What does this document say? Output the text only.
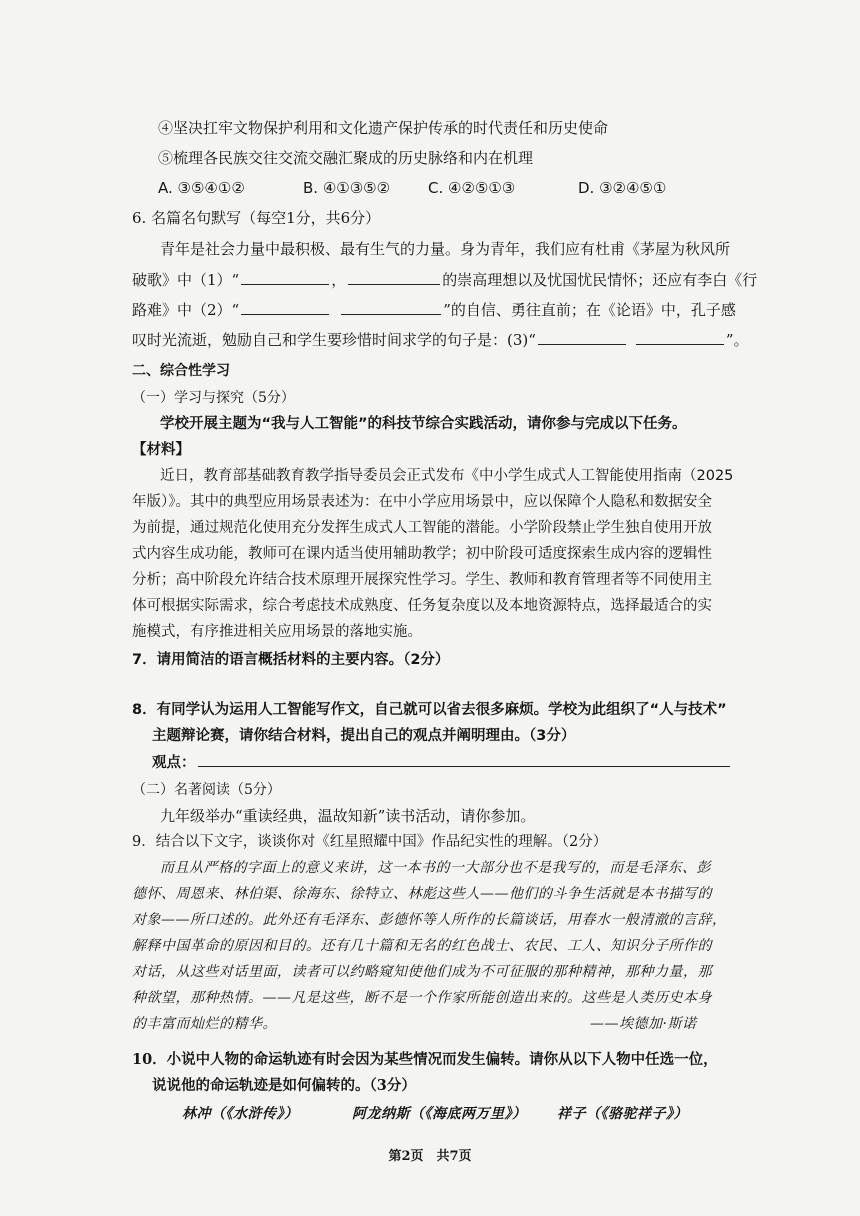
④坚决扛牢文物保护利用和文化遗产保护传承的时代责任和历史使命
⑤梳理各民族交往交流交融汇聚成的历史脉络和内在机理
A. ③⑤④①②	B. ④①③⑤②	C. ④②⑤①③	D. ③②④⑤①
6. 名篇名句默写（每空1分，共6分）
青年是社会力量中最积极、最有生气的力量。身为青年，我们应有杜甫《茅屋为秋风所
破歌》中（1）“	，	的崇高理想以及忧国忧民情怀；还应有李白《行
路难》中（2）“	”的自信、勇往直前；在《论语》中，孔子感
叹时光流逝，勉励自己和学生要珍惜时间求学的句子是：(3)“	”。
二、综合性学习
（一）学习与探究（5分）
学校开展主题为“我与人工智能”的科技节综合实践活动，请你参与完成以下任务。
【材料】
近日，教育部基础教育教学指导委员会正式发布《中小学生成式人工智能使用指南（2025
年版）》。其中的典型应用场景表述为：在中小学应用场景中，应以保障个人隐私和数据安全
为前提，通过规范化使用充分发挥生成式人工智能的潜能。小学阶段禁止学生独自使用开放
式内容生成功能，教师可在课内适当使用辅助教学；初中阶段可适度探索生成内容的逻辑性
分析；高中阶段允许结合技术原理开展探究性学习。学生、教师和教育管理者等不同使用主
体可根据实际需求，综合考虑技术成熟度、任务复杂度以及本地资源特点，选择最适合的实
施模式，有序推进相关应用场景的落地实施。
7．请用简洁的语言概括材料的主要内容。（2分）
8．有同学认为运用人工智能写作文，自己就可以省去很多麻烦。学校为此组织了“人与技术”
主题辩论赛，请你结合材料，提出自己的观点并阐明理由。（3分）
观点：
（二）名著阅读（5分）
九年级举办“重读经典，温故知新”读书活动，请你参加。
9．结合以下文字，谈谈你对《红星照耀中国》作品纪实性的理解。（2分）
而且从严格的字面上的意义来讲，这一本书的一大部分也不是我写的，而是毛泽东、彭
德怀、周恩来、林伯渠、徐海东、徐特立、林彪这些人——他们的斗争生活就是本书描写的
对象——所口述的。此外还有毛泽东、彭德怀等人所作的长篇谈话，用春水一般清澈的言辞，
解释中国革命的原因和目的。还有几十篇和无名的红色战士、农民、工人、知识分子所作的
对话，从这些对话里面，读者可以约略窥知使他们成为不可征服的那种精神，那种力量，那
种欲望，那种热情。——凡是这些，断不是一个作家所能创造出来的。这些是人类历史本身
的丰富而灿烂的精华。	——埃德加·斯诺
10．小说中人物的命运轨迹有时会因为某些情况而发生偏转。请你从以下人物中任选一位，
说说他的命运轨迹是如何偏转的。（3分）
林冲（《水浒传》）	阿龙纳斯（《海底两万里》） 祥子（《骆驼祥子》）
第2页　共7页
